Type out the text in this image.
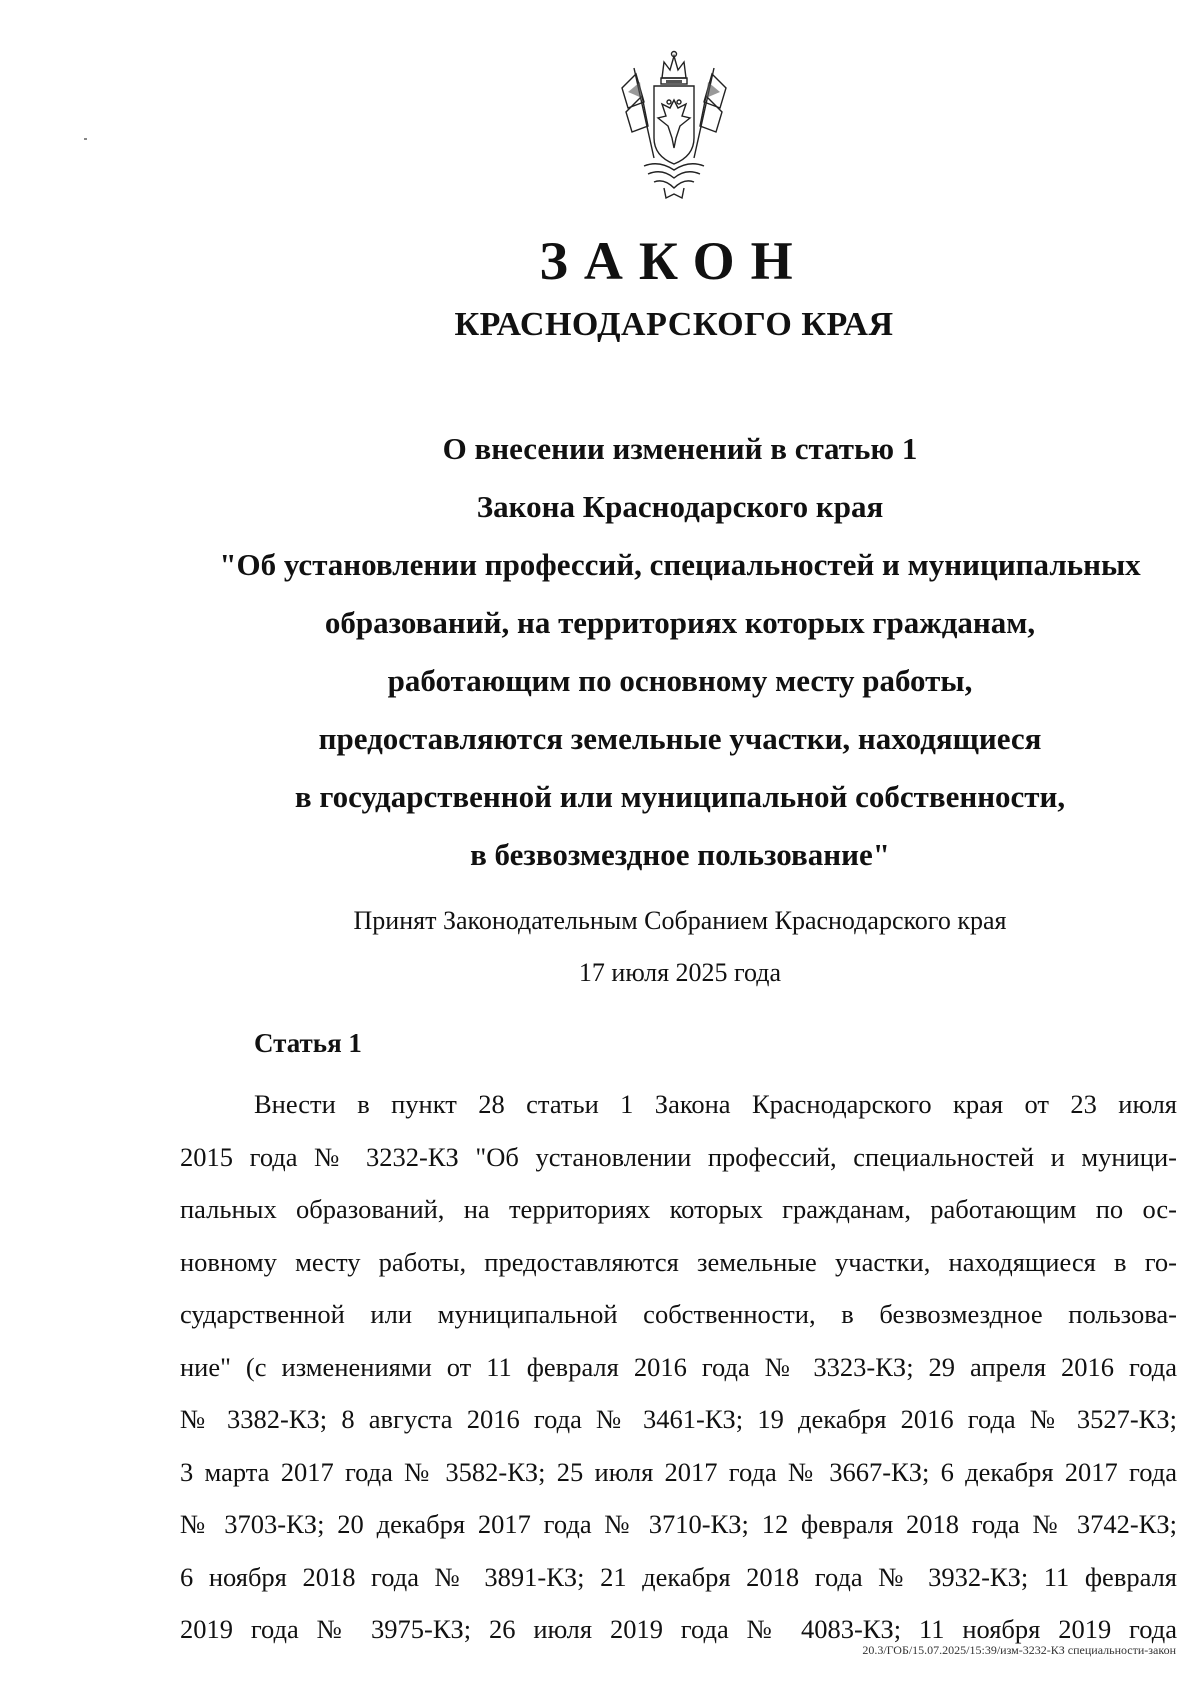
ЗАКОН
КРАСНОДАРСКОГО КРАЯ
О внесении изменений в статью 1
Закона Краснодарского края
"Об установлении профессий, специальностей и муниципальных
образований, на территориях которых гражданам,
работающим по основному месту работы,
предоставляются земельные участки, находящиеся
в государственной или муниципальной собственности,
в безвозмездное пользование"
Принят Законодательным Собранием Краснодарского края
17 июля 2025 года
Статья 1
Внести в пункт 28 статьи 1 Закона Краснодарского края от 23 июля
2015 года № 3232-КЗ "Об установлении профессий, специальностей и муници-
пальных образований, на территориях которых гражданам, работающим по ос-
новному месту работы, предоставляются земельные участки, находящиеся в го-
сударственной или муниципальной собственности, в безвозмездное пользова-
ние" (с изменениями от 11 февраля 2016 года № 3323-КЗ; 29 апреля 2016 года
№ 3382-КЗ; 8 августа 2016 года № 3461-КЗ; 19 декабря 2016 года № 3527-КЗ;
3 марта 2017 года № 3582-КЗ; 25 июля 2017 года № 3667-КЗ; 6 декабря 2017 года
№ 3703-КЗ; 20 декабря 2017 года № 3710-КЗ; 12 февраля 2018 года № 3742-КЗ;
6 ноября 2018 года № 3891-КЗ; 21 декабря 2018 года № 3932-КЗ; 11 февраля
2019 года № 3975-КЗ; 26 июля 2019 года № 4083-КЗ; 11 ноября 2019 года
20.3/ГОБ/15.07.2025/15:39/изм-3232-КЗ специальности-закон
